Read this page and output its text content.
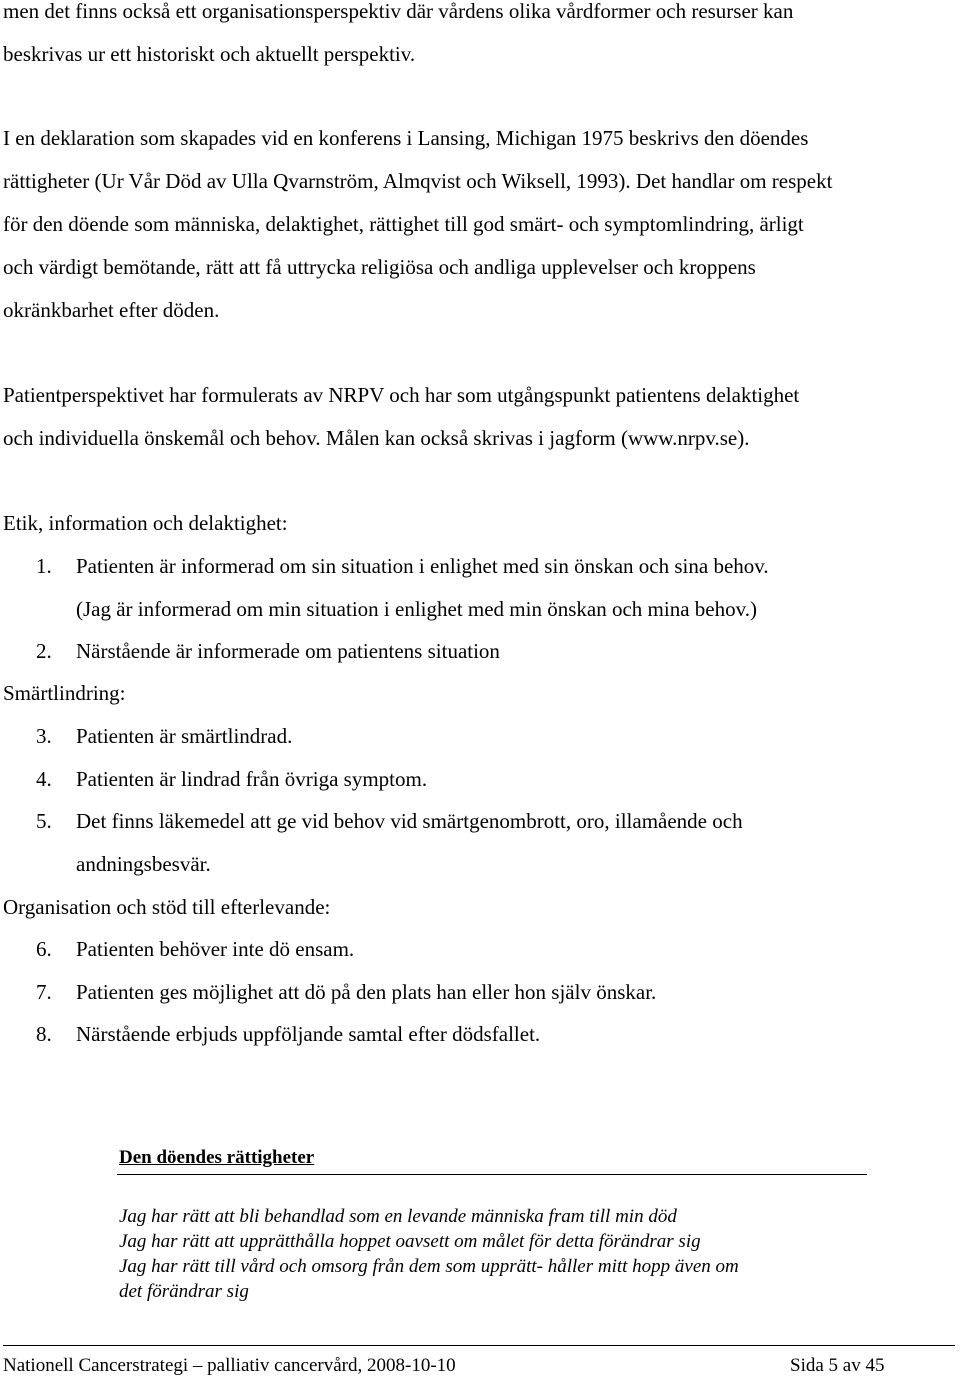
men det finns också ett organisationsperspektiv där vårdens olika vårdformer och resurser kan
beskrivas ur ett historiskt och aktuellt perspektiv.

I en deklaration som skapades vid en konferens i Lansing, Michigan 1975 beskrivs den döendes
rättigheter (Ur Vår Död av Ulla Qvarnström, Almqvist och Wiksell, 1993). Det handlar om respekt
för den döende som människa, delaktighet, rättighet till god smärt- och symptomlindring, ärligt
och värdigt bemötande, rätt att få uttrycka religiösa och andliga upplevelser och kroppens
okränkbarhet efter döden.

Patientperspektivet har formulerats av NRPV och har som utgångspunkt patientens delaktighet
och individuella önskemål och behov. Målen kan också skrivas i jagform (www.nrpv.se).

Etik, information och delaktighet:
1.	Patienten är informerad om sin situation i enlighet med sin önskan och sina behov.
(Jag är informerad om min situation i enlighet med min önskan och mina behov.)
2.	Närstående är informerade om patientens situation
Smärtlindring:
3.	Patienten är smärtlindrad.
4.	Patienten är lindrad från övriga symptom.
5.	Det finns läkemedel att ge vid behov vid smärtgenombrott, oro, illamående och
andningsbesvär.
Organisation och stöd till efterlevande:
6.	Patienten behöver inte dö ensam.
7.	Patienten ges möjlighet att dö på den plats han eller hon själv önskar.
8.	Närstående erbjuds uppföljande samtal efter dödsfallet.
Den döendes rättigheter
Jag har rätt att bli behandlad som en levande människa fram till min död
Jag har rätt att upprätthålla hoppet oavsett om målet för detta förändrar sig
Jag har rätt till vård och omsorg från dem som upprätt- håller mitt hopp även om
det förändrar sig
Nationell Cancerstrategi – palliativ cancervård, 2008-10-10	Sida 5 av 45
